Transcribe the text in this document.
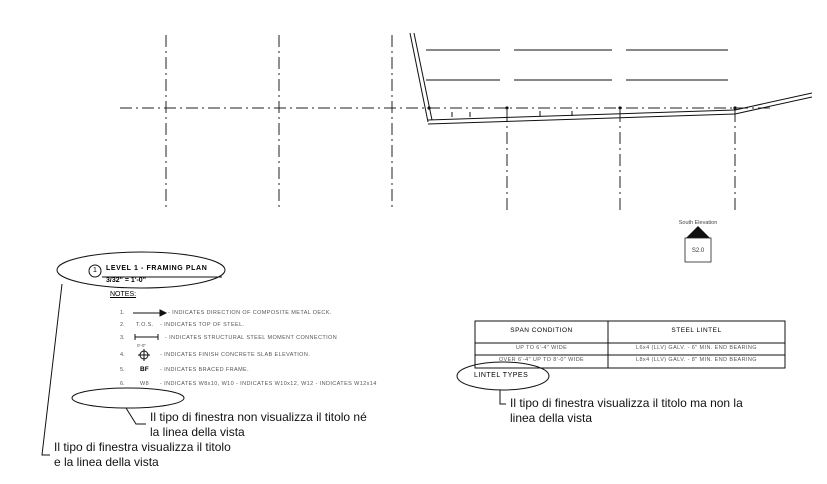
South Elevation
S2.0
1 LEVEL 1 - FRAMING PLAN
3/32" = 1'-0"
NOTES:
1.	- INDICATES DIRECTION OF COMPOSITE METAL DECK.
2. T.O.S. - INDICATES TOP OF STEEL.
3.	- INDICATES STRUCTURAL STEEL MOMENT CONNECTION
4.
0'-0"
- INDICATES FINISH CONCRETE SLAB ELEVATION.
5. BF - INDICATES BRACED FRAME.
6.	W8 - INDICATES W8x10, W10 - INDICATES W10x12, W12 - INDICATES W12x14
SPAN CONDITION	STEEL LINTEL
UP TO 6'-4" WIDE	L6x4 (LLV) GALV. - 6" MIN. END BEARING
OVER 6'-4" UP TO 8'-0" WIDE	L8x4 (LLV) GALV. - 8" MIN. END BEARING
LINTEL TYPES
Il tipo di finestra non visualizza il titolo né
la linea della vista
Il tipo di finestra visualizza il titolo
e la linea della vista
Il tipo di finestra visualizza il titolo ma non la
linea della vista
